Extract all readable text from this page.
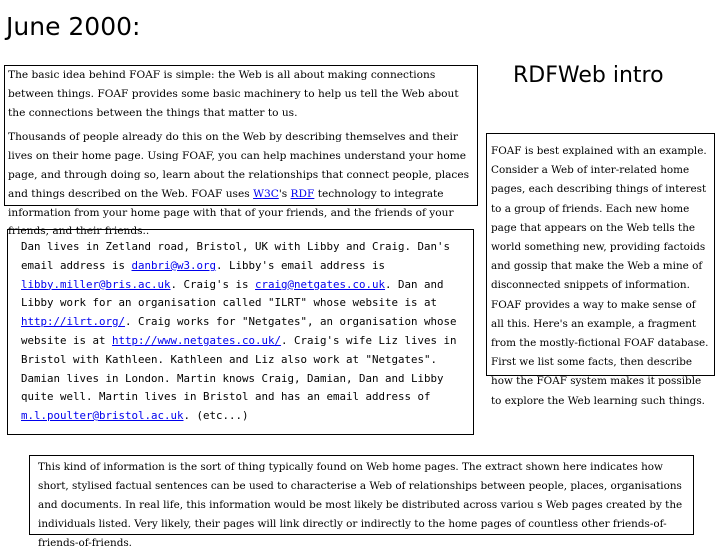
June 2000:
RDFWeb intro

The basic idea behind FOAF is simple: the Web is all about making connections between things. FOAF provides some basic machinery to help us tell the Web about the connections between the things that matter to us.

Thousands of people already do this on the Web by describing themselves and their lives on their home page. Using FOAF, you can help machines understand your home page, and through doing so, learn about the relationships that connect people, places and things described on the Web. FOAF uses W3C's RDF technology to integrate information from your home page with that of your friends, and the friends of your friends, and their friends..

FOAF is best explained with an example. Consider a Web of inter-related home pages, each describing things of interest to a group of friends. Each new home page that appears on the Web tells the world something new, providing factoids and gossip that make the Web a mine of disconnected snippets of information. FOAF provides a way to make sense of all this. Here's an example, a fragment from the mostly-fictional FOAF database. First we list some facts, then describe how the FOAF system makes it possible to explore the Web learning such things.

Dan lives in Zetland road, Bristol, UK with Libby and Craig. Dan's email address is danbri@w3.org. Libby's email address is libby.miller@bris.ac.uk. Craig's is craig@netgates.co.uk. Dan and Libby work for an organisation called "ILRT" whose website is at http://ilrt.org/. Craig works for "Netgates", an organisation whose website is at http://www.netgates.co.uk/. Craig's wife Liz lives in Bristol with Kathleen. Kathleen and Liz also work at "Netgates". Damian lives in London. Martin knows Craig, Damian, Dan and Libby quite well. Martin lives in Bristol and has an email address of m.l.poulter@bristol.ac.uk. (etc...)

This kind of information is the sort of thing typically found on Web home pages. The extract shown here indicates how short, stylised factual sentences can be used to characterise a Web of relationships between people, places, organisations and documents. In real life, this information would be most likely be distributed across variou s Web pages created by the individuals listed. Very likely, their pages will link directly or indirectly to the home pages of countless other friends-of-friends-of-friends.
